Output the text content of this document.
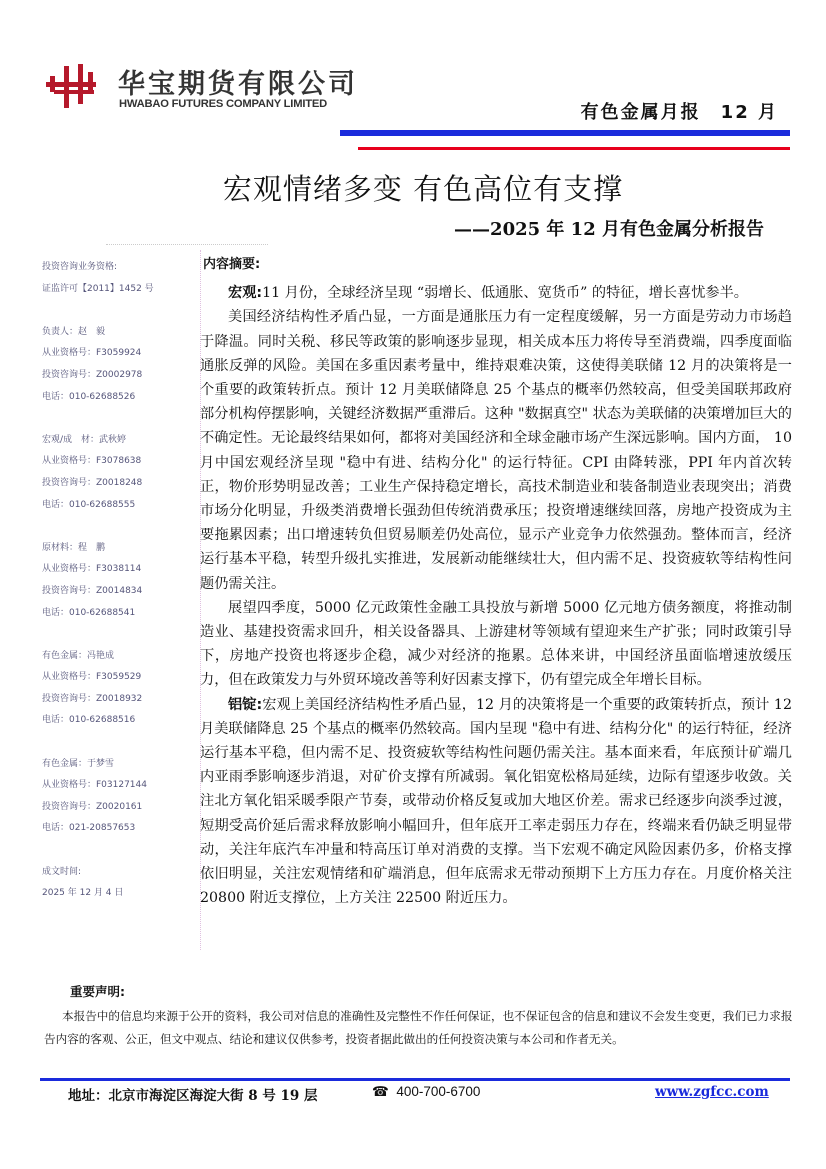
华宝期货有限公司
HWABAO FUTURES COMPANY LIMITED	有色金属月报　12 月
宏观情绪多变 有色高位有支撑
——2025 年 12 月有色金属分析报告
投资咨询业务资格:
证监许可【2011】1452 号
负责人：赵　毅
从业资格号：F3059924
投资咨询号：Z0002978
电话：010-62688526
宏观/成　材：武秋婷
从业资格号：F3078638
投资咨询号：Z0018248
电话：010-62688555
原材料：程　鹏
从业资格号：F3038114
投资咨询号：Z0014834
电话：010-62688541
有色金属：冯艳成
从业资格号：F3059529
投资咨询号：Z0018932
电话：010-62688516
有色金属：于梦雪
从业资格号：F03127144
投资咨询号：Z0020161
电话：021-20857653
成文时间:
2025 年 12 月 4 日

内容摘要:

宏观:11 月份，全球经济呈现 “弱增长、低通胀、宽货币” 的特征，增长喜忧参半。

美国经济结构性矛盾凸显，一方面是通胀压力有一定程度缓解，另一方面是劳动力市场趋于降温。同时关税、移民等政策的影响逐步显现，相关成本压力将传导至消费端，四季度面临通胀反弹的风险。美国在多重因素考量中，维持艰难决策，这使得美联储 12 月的决策将是一个重要的政策转折点。预计 12 月美联储降息 25 个基点的概率仍然较高，但受美国联邦政府部分机构停摆影响，关键经济数据严重滞后。这种 "数据真空" 状态为美联储的决策增加巨大的不确定性。无论最终结果如何，都将对美国经济和全球金融市场产生深远影响。国内方面， 10 月中国宏观经济呈现 "稳中有进、结构分化" 的运行特征。CPI 由降转涨，PPI 年内首次转正，物价形势明显改善；工业生产保持稳定增长，高技术制造业和装备制造业表现突出；消费市场分化明显，升级类消费增长强劲但传统消费承压；投资增速继续回落，房地产投资成为主要拖累因素；出口增速转负但贸易顺差仍处高位，显示产业竞争力依然强劲。整体而言，经济运行基本平稳，转型升级扎实推进，发展新动能继续壮大，但内需不足、投资疲软等结构性问题仍需关注。

展望四季度，5000 亿元政策性金融工具投放与新增 5000 亿元地方债务额度，将推动制造业、基建投资需求回升，相关设备器具、上游建材等领域有望迎来生产扩张；同时政策引导下，房地产投资也将逐步企稳，减少对经济的拖累。总体来讲，中国经济虽面临增速放缓压力，但在政策发力与外贸环境改善等利好因素支撑下，仍有望完成全年增长目标。

铝锭:宏观上美国经济结构性矛盾凸显，12 月的决策将是一个重要的政策转折点，预计 12 月美联储降息 25 个基点的概率仍然较高。国内呈现 "稳中有进、结构分化" 的运行特征，经济运行基本平稳，但内需不足、投资疲软等结构性问题仍需关注。基本面来看，年底预计矿端几内亚雨季影响逐步消退，对矿价支撑有所减弱。氧化铝宽松格局延续，边际有望逐步收敛。关注北方氧化铝采暖季限产节奏，或带动价格反复或加大地区价差。需求已经逐步向淡季过渡，短期受高价延后需求释放影响小幅回升，但年底开工率走弱压力存在，终端来看仍缺乏明显带动，关注年底汽车冲量和特高压订单对消费的支撑。当下宏观不确定风险因素仍多，价格支撑依旧明显，关注宏观情绪和矿端消息，但年底需求无带动预期下上方压力存在。月度价格关注 20800 附近支撑位，上方关注 22500 附近压力。

重要声明:
本报告中的信息均来源于公开的资料，我公司对信息的准确性及完整性不作任何保证，也不保证包含的信息和建议不会发生变更，我们已力求报告内容的客观、公正，但文中观点、结论和建议仅供参考，投资者据此做出的任何投资决策与本公司和作者无关。
地址：北京市海淀区海淀大街 8 号 19 层	☎ 400-700-6700	www.zgfcc.com
